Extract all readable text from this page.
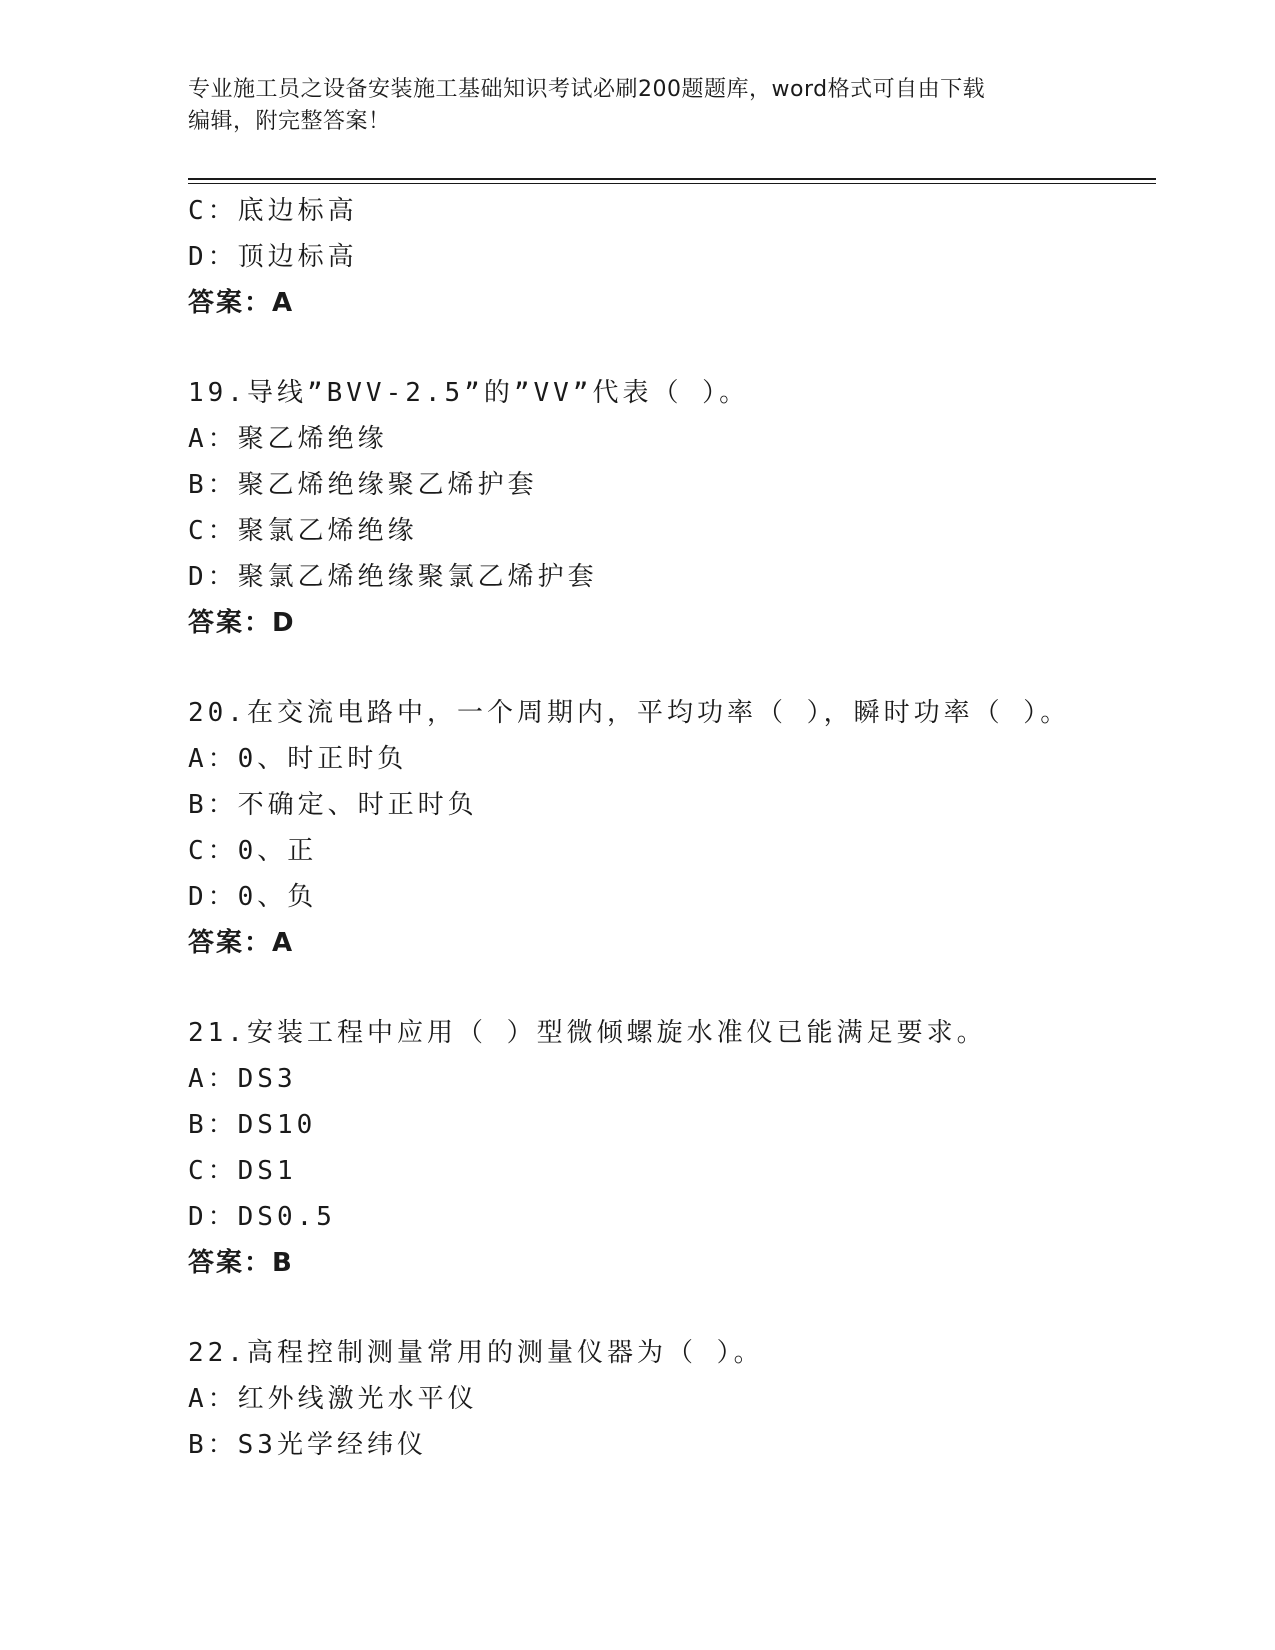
专业施工员之设备安装施工基础知识考试必刷200题题库，word格式可自由下载
编辑，附完整答案！
C：底边标高
D：顶边标高
答案：A
19.导线”BVV-2.5”的”VV”代表（ ）。
A：聚乙烯绝缘
B：聚乙烯绝缘聚乙烯护套
C：聚氯乙烯绝缘
D：聚氯乙烯绝缘聚氯乙烯护套
答案：D
20.在交流电路中，一个周期内，平均功率（ ），瞬时功率（ ）。
A：0、时正时负
B：不确定、时正时负
C：0、正
D：0、负
答案：A
21.安装工程中应用（ ）型微倾螺旋水准仪已能满足要求。
A：DS3
B：DS10
C：DS1
D：DS0.5
答案：B
22.高程控制测量常用的测量仪器为（ ）。
A：红外线激光水平仪
B：S3光学经纬仪
